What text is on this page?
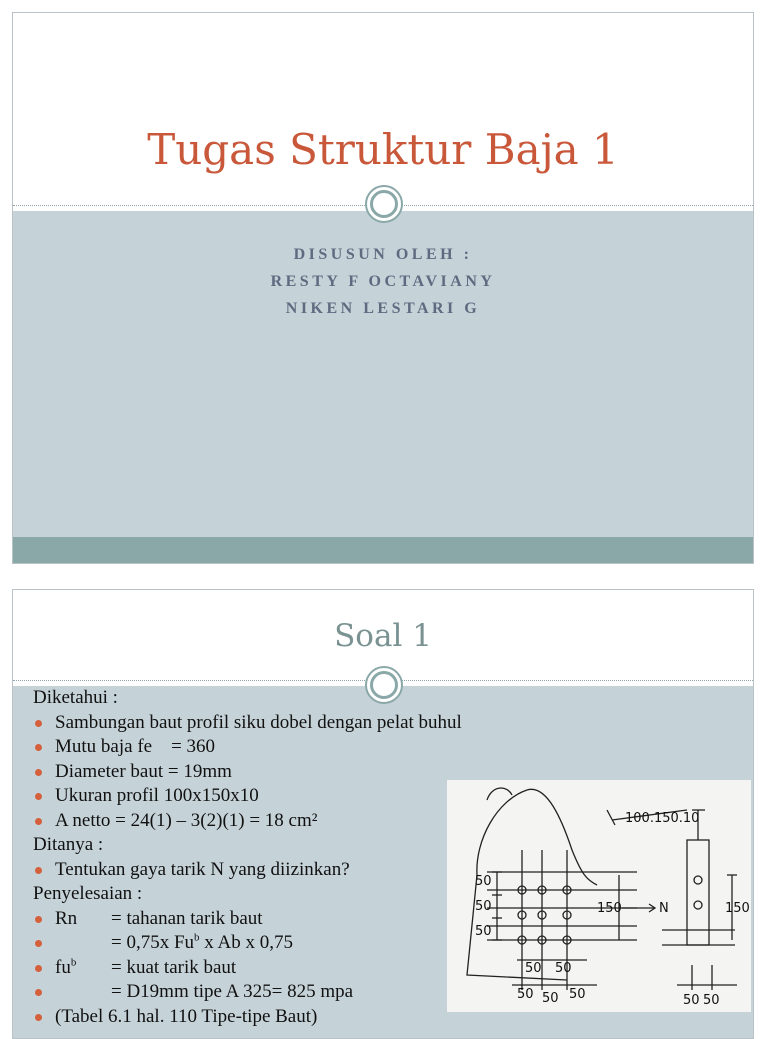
Tugas Struktur Baja 1
DISUSUN OLEH :
RESTY F OCTAVIANY
NIKEN LESTARI G
Soal 1
Diketahui :
Sambungan baut profil siku dobel dengan pelat buhul
Mutu baja fe    = 360
Diameter baut = 19mm
Ukuran profil 100x150x10
A netto = 24(1) – 3(2)(1) = 18 cm²
Ditanya :
Tentukan gaya tarik N yang diizinkan?
Penyelesaian :
Rn = tahanan tarik baut
= 0,75x Fu$^b$ x Ab x 0,75
$fu^b$ = kuat tarik baut
= D19mm tipe A 325= 825 mpa
(Tabel 6.1 hal. 110 Tipe-tipe Baut)
100.150.10
N
50
50
50
150	150
50 50
50 50 50	50 50
